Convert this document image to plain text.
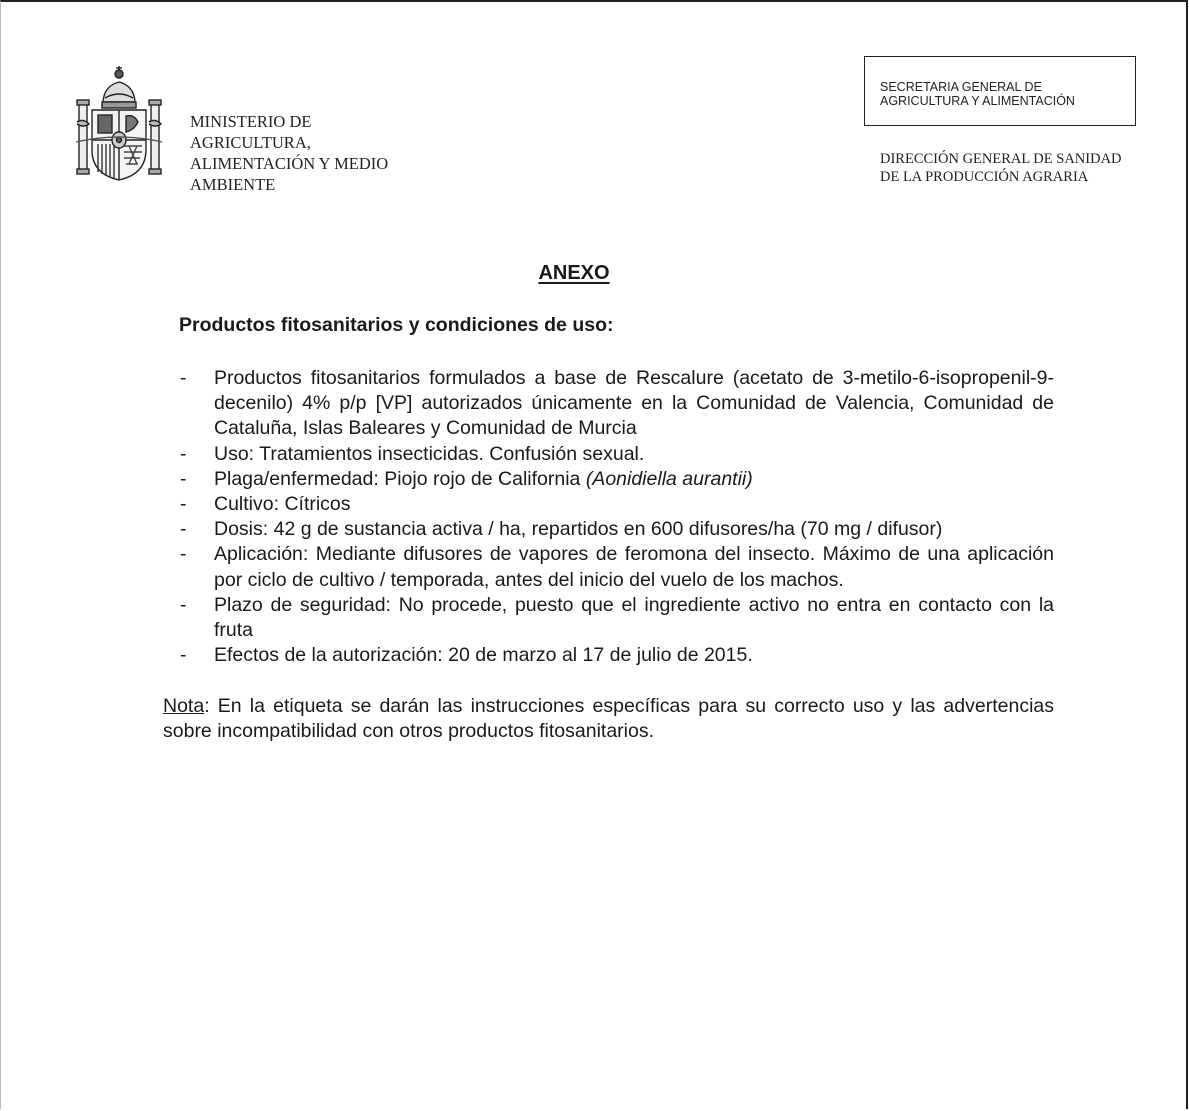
MINISTERIO DE
AGRICULTURA,
ALIMENTACIÓN Y MEDIO
AMBIENTE
SECRETARIA GENERAL DE
AGRICULTURA Y ALIMENTACIÓN
DIRECCIÓN GENERAL DE SANIDAD
DE LA PRODUCCIÓN AGRARIA
ANEXO
Productos fitosanitarios y condiciones de uso:
- Productos fitosanitarios formulados a base de Rescalure (acetato de 3-metilo-6-isopropenil-9-decenilo) 4% p/p [VP] autorizados únicamente en la Comunidad de Valencia, Comunidad de Cataluña, Islas Baleares y Comunidad de Murcia
- Uso: Tratamientos insecticidas. Confusión sexual.
- Plaga/enfermedad: Piojo rojo de California (Aonidiella aurantii)
- Cultivo: Cítricos
- Dosis: 42 g de sustancia activa / ha, repartidos en 600 difusores/ha (70 mg / difusor)
- Aplicación: Mediante difusores de vapores de feromona del insecto. Máximo de una aplicación por ciclo de cultivo / temporada, antes del inicio del vuelo de los machos.
- Plazo de seguridad: No procede, puesto que el ingrediente activo no entra en contacto con la fruta
- Efectos de la autorización: 20 de marzo al 17 de julio de 2015.
Nota: En la etiqueta se darán las instrucciones específicas para su correcto uso y las advertencias sobre incompatibilidad con otros productos fitosanitarios.
